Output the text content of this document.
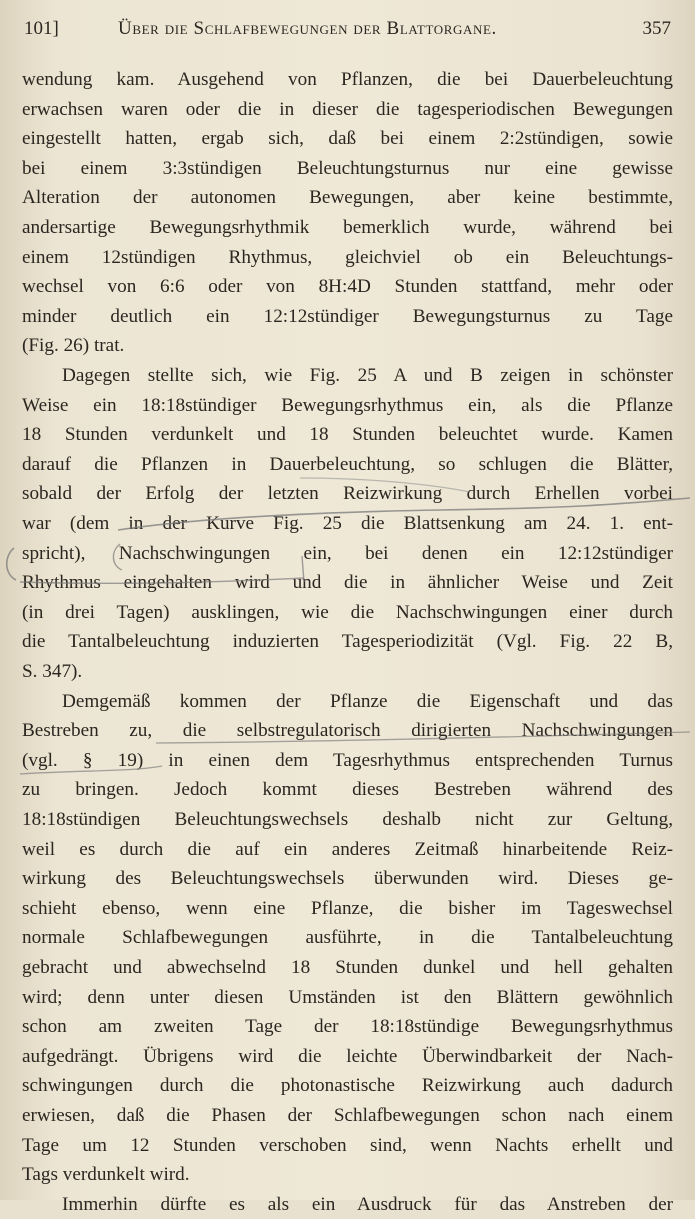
101]	Über die Schlafbewegungen der Blattorgane.	357
wendung kam. Ausgehend von Pflanzen, die bei Dauerbeleuchtung
erwachsen waren oder die in dieser die tagesperiodischen Bewegungen
eingestellt hatten, ergab sich, daß bei einem 2:2stündigen, sowie
bei einem 3:3stündigen Beleuchtungsturnus nur eine gewisse
Alteration der autonomen Bewegungen, aber keine bestimmte,
andersartige Bewegungsrhythmik bemerklich wurde, während bei
einem 12stündigen Rhythmus, gleichviel ob ein Beleuchtungs-
wechsel von 6:6 oder von 8H:4D Stunden stattfand, mehr oder
minder deutlich ein 12:12stündiger Bewegungsturnus zu Tage
(Fig. 26) trat.
Dagegen stellte sich, wie Fig. 25 A und B zeigen in schönster
Weise ein 18:18stündiger Bewegungsrhythmus ein, als die Pflanze
18 Stunden verdunkelt und 18 Stunden beleuchtet wurde. Kamen
darauf die Pflanzen in Dauerbeleuchtung, so schlugen die Blätter,
sobald der Erfolg der letzten Reizwirkung durch Erhellen vorbei
war (dem in der Kurve Fig. 25 die Blattsenkung am 24. 1. ent-
spricht), Nachschwingungen ein, bei denen ein 12:12stündiger
Rhythmus eingehalten wird und die in ähnlicher Weise und Zeit
(in drei Tagen) ausklingen, wie die Nachschwingungen einer durch
die Tantalbeleuchtung induzierten Tagesperiodizität (Vgl. Fig. 22 B,
S. 347).
Demgemäß kommen der Pflanze die Eigenschaft und das
Bestreben zu, die selbstregulatorisch dirigierten Nachschwingungen
(vgl. § 19) in einen dem Tagesrhythmus entsprechenden Turnus
zu bringen. Jedoch kommt dieses Bestreben während des
18:18stündigen Beleuchtungswechsels deshalb nicht zur Geltung,
weil es durch die auf ein anderes Zeitmaß hinarbeitende Reiz-
wirkung des Beleuchtungswechsels überwunden wird. Dieses ge-
schieht ebenso, wenn eine Pflanze, die bisher im Tageswechsel
normale Schlafbewegungen ausführte, in die Tantalbeleuchtung
gebracht und abwechselnd 18 Stunden dunkel und hell gehalten
wird; denn unter diesen Umständen ist den Blättern gewöhnlich
schon am zweiten Tage der 18:18stündige Bewegungsrhythmus
aufgedrängt. Übrigens wird die leichte Überwindbarkeit der Nach-
schwingungen durch die photonastische Reizwirkung auch dadurch
erwiesen, daß die Phasen der Schlafbewegungen schon nach einem
Tage um 12 Stunden verschoben sind, wenn Nachts erhellt und
Tags verdunkelt wird.
Immerhin dürfte es als ein Ausdruck für das Anstreben der
